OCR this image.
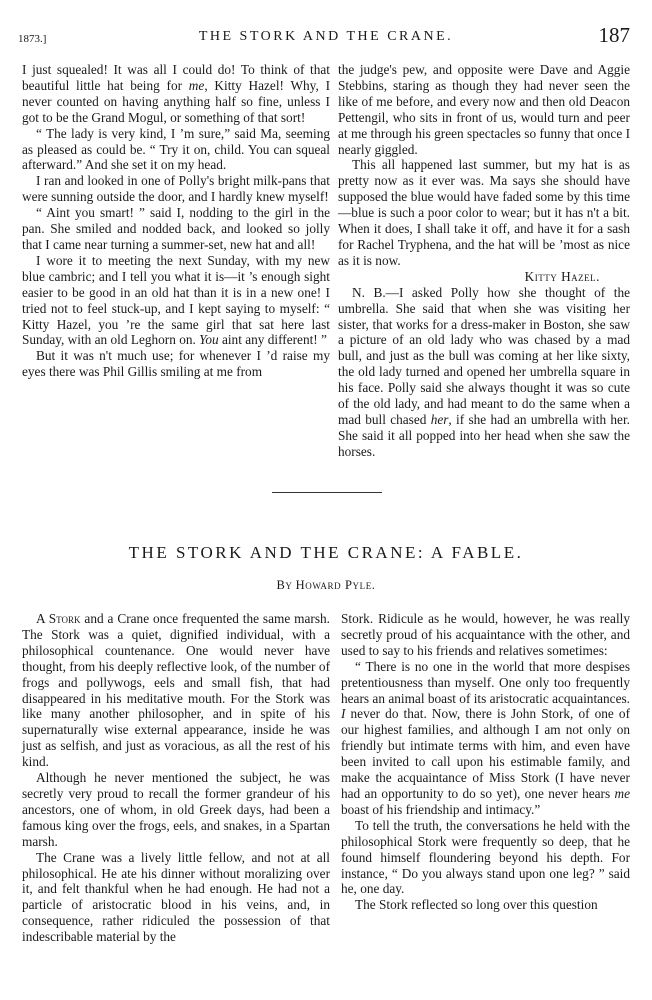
1873.]	THE STORK AND THE CRANE.	187

I just squealed! It was all I could do! To think of that beautiful little hat being for me, Kitty Hazel! Why, I never counted on having anything half so fine, unless I got to be the Grand Mogul, or something of that sort!

“ The lady is very kind, I ’m sure,” said Ma, seeming as pleased as could be. “ Try it on, child. You can squeal afterward.” And she set it on my head.

I ran and looked in one of Polly's bright milk-pans that were sunning outside the door, and I hardly knew myself!

“ Aint you smart! ” said I, nodding to the girl in the pan. She smiled and nodded back, and looked so jolly that I came near turning a summer-set, new hat and all!

I wore it to meeting the next Sunday, with my new blue cambric; and I tell you what it is—it ’s enough sight easier to be good in an old hat than it is in a new one! I tried not to feel stuck-up, and I kept saying to myself: “ Kitty Hazel, you ’re the same girl that sat here last Sunday, with an old Leghorn on. You aint any different! ”

But it was n't much use; for whenever I ’d raise my eyes there was Phil Gillis smiling at me from

the judge's pew, and opposite were Dave and Aggie Stebbins, staring as though they had never seen the like of me before, and every now and then old Deacon Pettengil, who sits in front of us, would turn and peer at me through his green spectacles so funny that once I nearly giggled.

This all happened last summer, but my hat is as pretty now as it ever was. Ma says she should have supposed the blue would have faded some by this time—blue is such a poor color to wear; but it has n't a bit. When it does, I shall take it off, and have it for a sash for Rachel Tryphena, and the hat will be ’most as nice as it is now.

Kitty Hazel.

N. B.—I asked Polly how she thought of the umbrella. She said that when she was visiting her sister, that works for a dress-maker in Boston, she saw a picture of an old lady who was chased by a mad bull, and just as the bull was coming at her like sixty, the old lady turned and opened her umbrella square in his face. Polly said she always thought it was so cute of the old lady, and had meant to do the same when a mad bull chased her, if she had an umbrella with her. She said it all popped into her head when she saw the horses.

THE STORK AND THE CRANE: A FABLE.
By Howard Pyle.

A Stork and a Crane once frequented the same marsh. The Stork was a quiet, dignified individual, with a philosophical countenance. One would never have thought, from his deeply reflective look, of the number of frogs and pollywogs, eels and small fish, that had disappeared in his meditative mouth. For the Stork was like many another philosopher, and in spite of his supernaturally wise external appearance, inside he was just as selfish, and just as voracious, as all the rest of his kind.

Although he never mentioned the subject, he was secretly very proud to recall the former grandeur of his ancestors, one of whom, in old Greek days, had been a famous king over the frogs, eels, and snakes, in a Spartan marsh.

The Crane was a lively little fellow, and not at all philosophical. He ate his dinner without moralizing over it, and felt thankful when he had enough. He had not a particle of aristocratic blood in his veins, and, in consequence, rather ridiculed the possession of that indescribable material by the

Stork. Ridicule as he would, however, he was really secretly proud of his acquaintance with the other, and used to say to his friends and relatives sometimes:

“ There is no one in the world that more despises pretentiousness than myself. One only too frequently hears an animal boast of its aristocratic acquaintances. I never do that. Now, there is John Stork, of one of our highest families, and although I am not only on friendly but intimate terms with him, and even have been invited to call upon his estimable family, and make the acquaintance of Miss Stork (I have never had an opportunity to do so yet), one never hears me boast of his friendship and intimacy.”

To tell the truth, the conversations he held with the philosophical Stork were frequently so deep, that he found himself floundering beyond his depth. For instance, “ Do you always stand upon one leg? ” said he, one day.

The Stork reflected so long over this question
